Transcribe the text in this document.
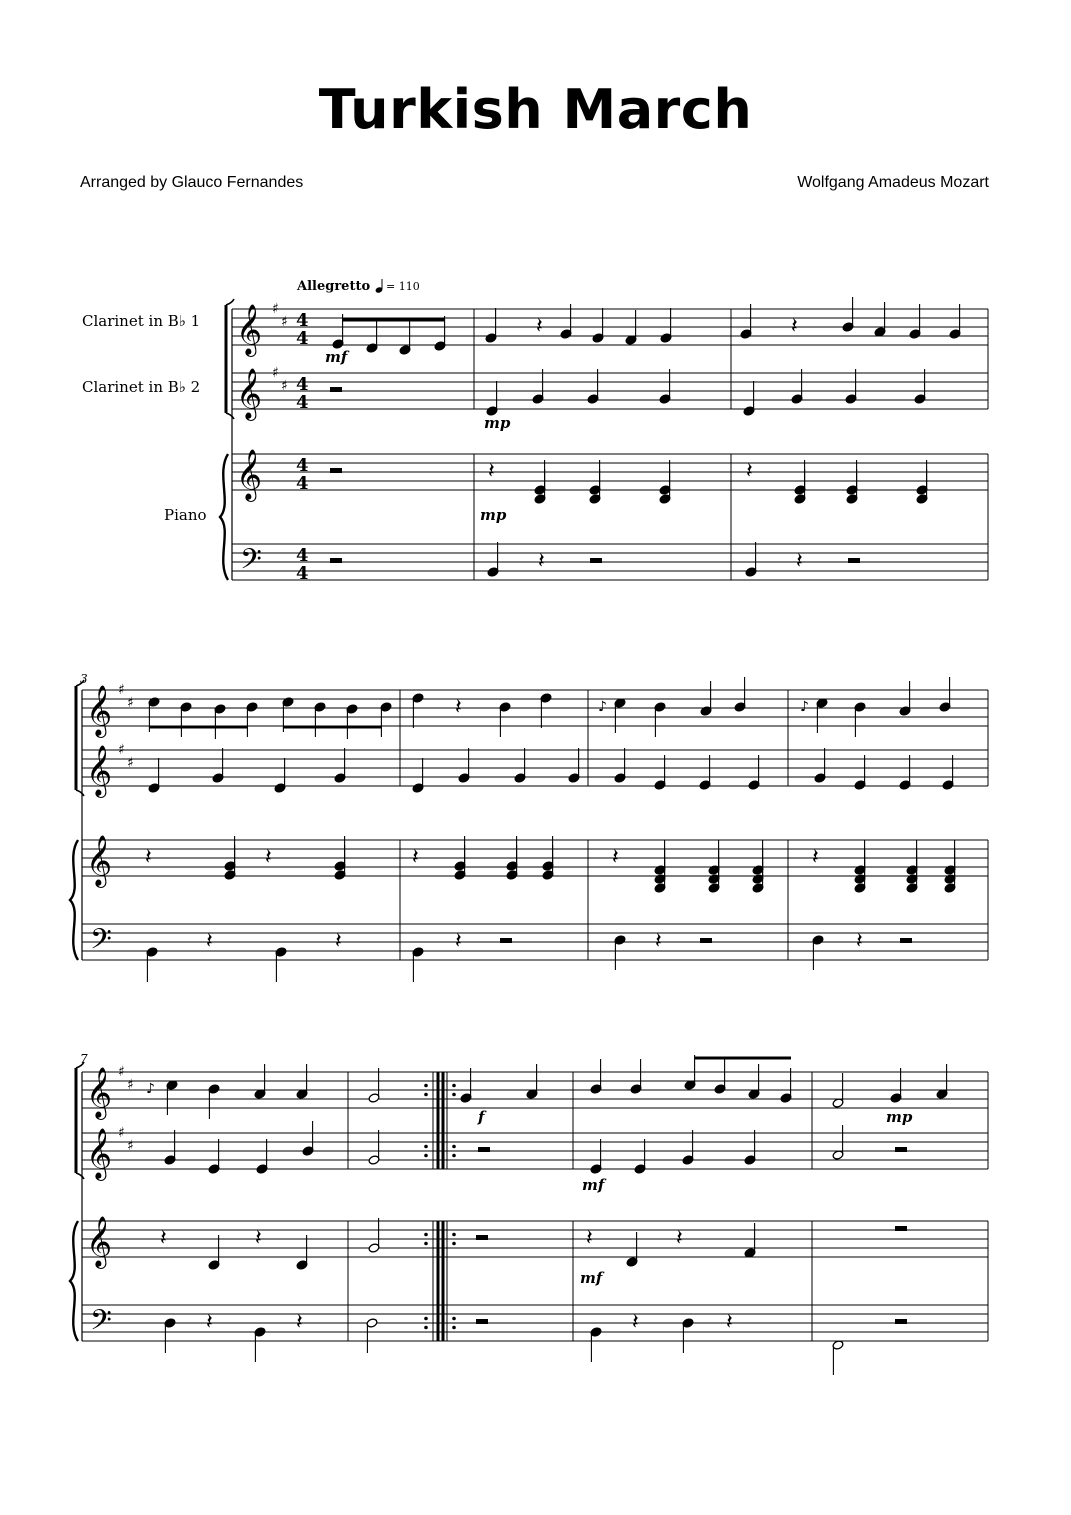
Turkish March
Arranged by Glauco Fernandes	Wolfgang Amadeus Mozart
Allegretto = 110
Clarinet in B♭ 1
Clarinet in B♭ 2
Piano
𝄞
𝄞
𝄞
𝄢
♯
♯
♯
♯
4
4
4
4
4
4
4
4
3
𝄞
𝄞
𝄞
𝄢
♯
♯
♯
♯
7
𝄞
𝄞
𝄞
𝄢
♯
♯
♯
♯
mf
𝄽	𝄽
mp
𝄽	𝄽
mp
𝄽	𝄽
𝄽	♪	♪
𝄽	𝄽	𝄽	𝄽	𝄽
𝄽	𝄽	𝄽	𝄽	𝄽
♪
f	mp
mf
𝄽	𝄽	𝄽	𝄽
mf
𝄽	𝄽	𝄽	𝄽
